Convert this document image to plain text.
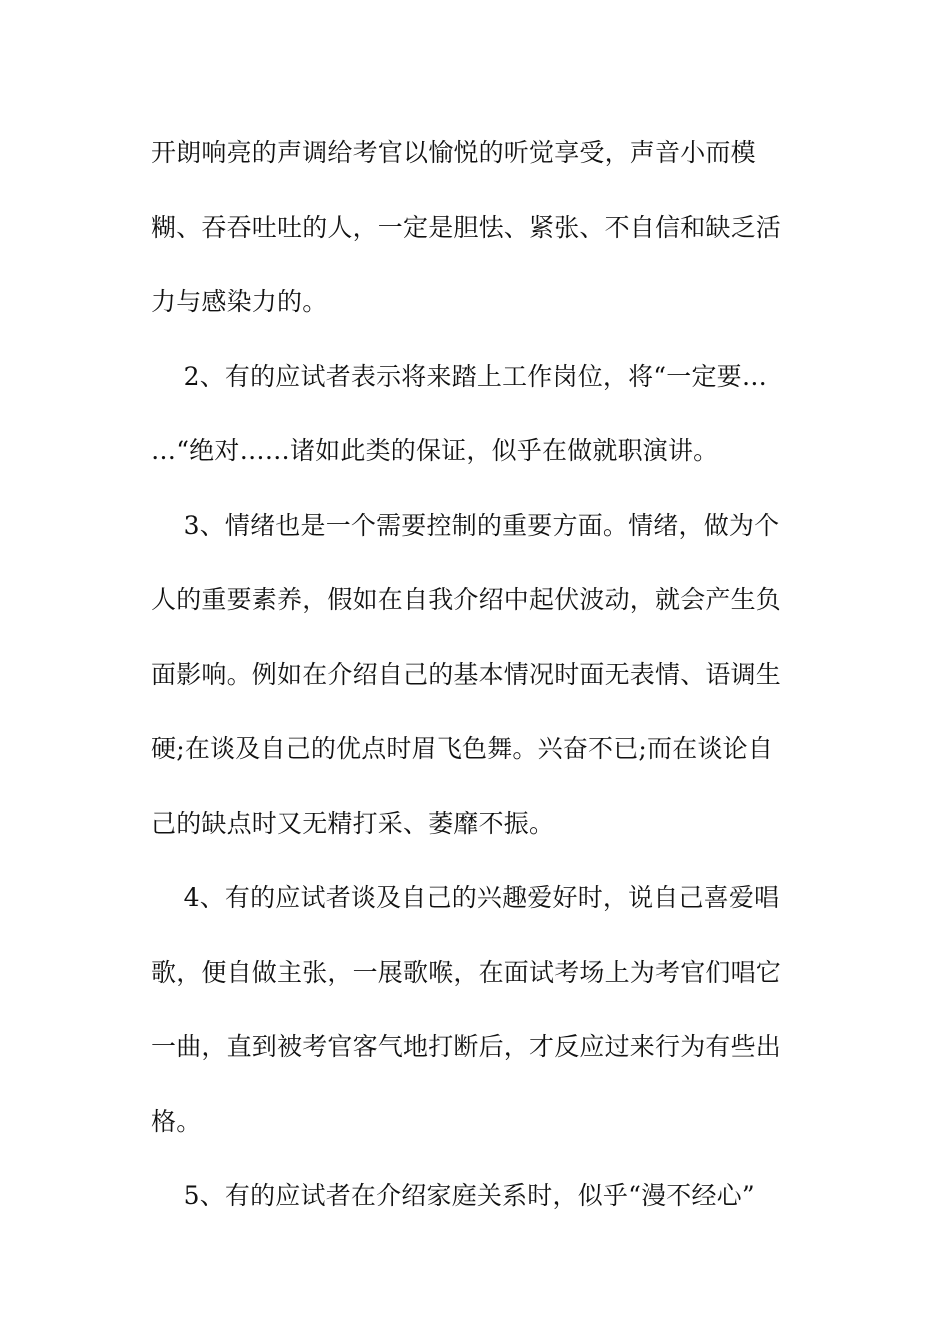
开朗响亮的声调给考官以愉悦的听觉享受，声音小而模
糊、吞吞吐吐的人，一定是胆怯、紧张、不自信和缺乏活
力与感染力的。
2、有的应试者表示将来踏上工作岗位，将“一定要…
…“绝对……诸如此类的保证，似乎在做就职演讲。
3、情绪也是一个需要控制的重要方面。情绪，做为个
人的重要素养，假如在自我介绍中起伏波动，就会产生负
面影响。例如在介绍自己的基本情况时面无表情、语调生
硬;在谈及自己的优点时眉飞色舞。兴奋不已;而在谈论自
己的缺点时又无精打采、萎靡不振。
4、有的应试者谈及自己的兴趣爱好时，说自己喜爱唱
歌，便自做主张，一展歌喉，在面试考场上为考官们唱它
一曲，直到被考官客气地打断后，才反应过来行为有些出
格。
5、有的应试者在介绍家庭关系时，似乎“漫不经心”
